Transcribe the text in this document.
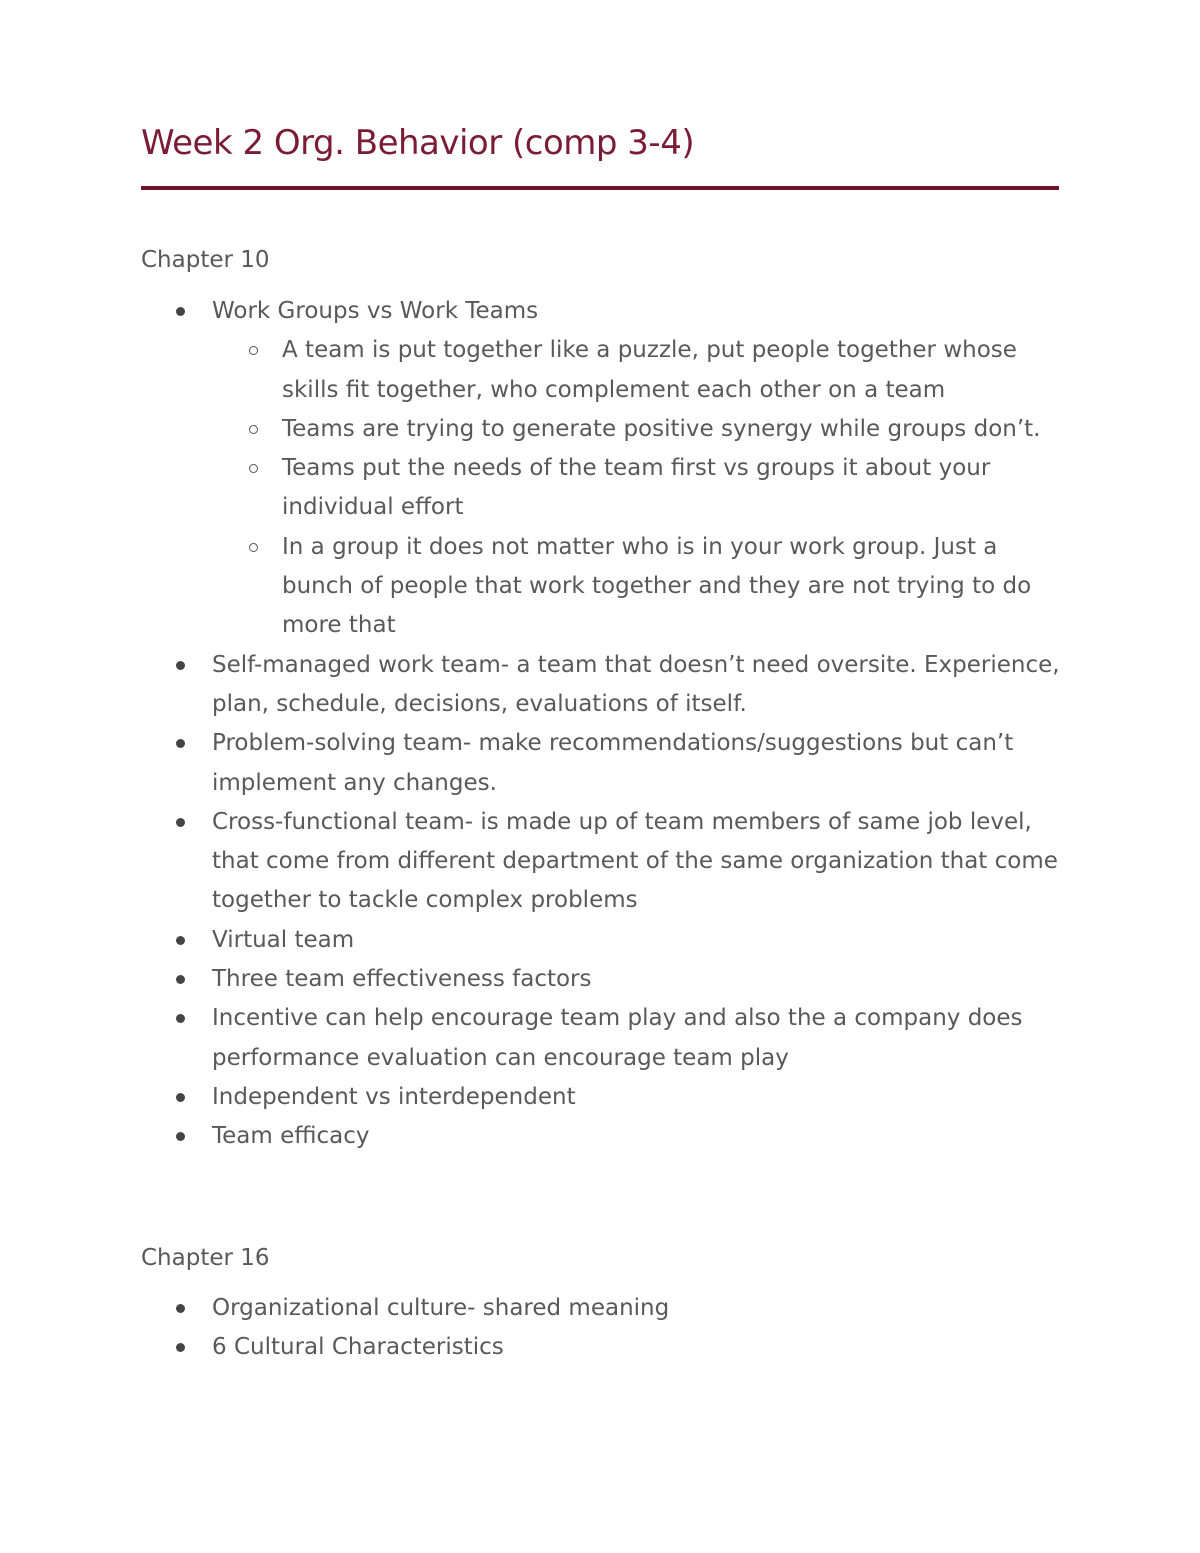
Week 2 Org. Behavior (comp 3-4)
Chapter 10
Work Groups vs Work Teams
A team is put together like a puzzle, put people together whose skills fit together, who complement each other on a team
Teams are trying to generate positive synergy while groups don’t.
Teams put the needs of the team first vs groups it about your individual effort
In a group it does not matter who is in your work group. Just a bunch of people that work together and they are not trying to do more that
Self-managed work team- a team that doesn’t need oversite. Experience, plan, schedule, decisions, evaluations of itself.
Problem-solving team- make recommendations/suggestions but can’t implement any changes.
Cross-functional team- is made up of team members of same job level, that come from different department of the same organization that come together to tackle complex problems
Virtual team
Three team effectiveness factors
Incentive can help encourage team play and also the a company does performance evaluation can encourage team play
Independent vs interdependent
Team efficacy
Chapter 16
Organizational culture- shared meaning
6 Cultural Characteristics
